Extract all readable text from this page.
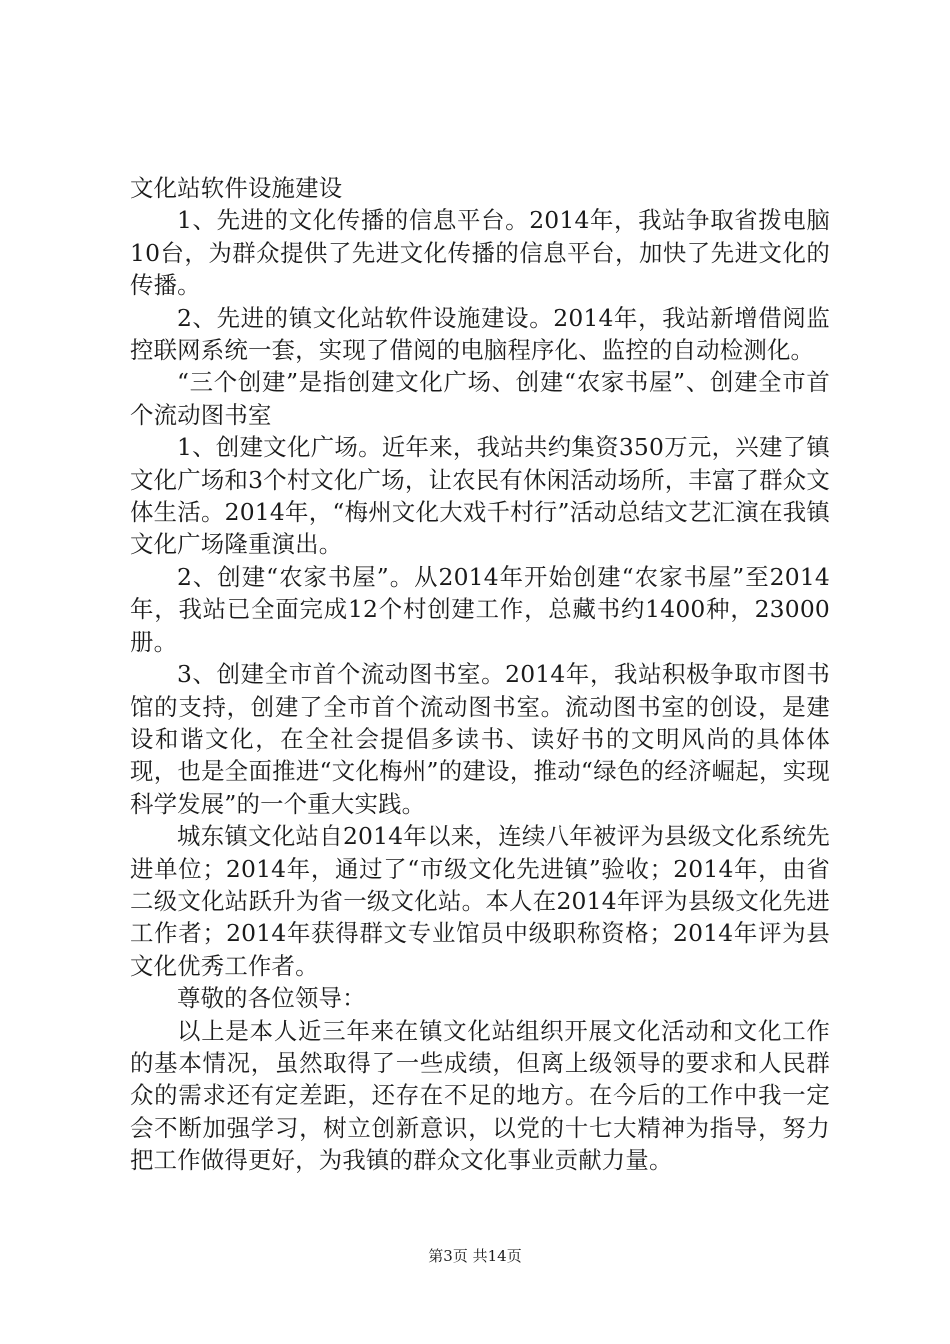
文化站软件设施建设

1、先进的文化传播的信息平台。2014年，我站争取省拨电脑10台，为群众提供了先进文化传播的信息平台，加快了先进文化的传播。

2、先进的镇文化站软件设施建设。2014年，我站新增借阅监控联网系统一套，实现了借阅的电脑程序化、监控的自动检测化。

“三个创建”是指创建文化广场、创建“农家书屋”、创建全市首个流动图书室

1、创建文化广场。近年来，我站共约集资350万元，兴建了镇文化广场和3个村文化广场，让农民有休闲活动场所，丰富了群众文体生活。2014年，“梅州文化大戏千村行”活动总结文艺汇演在我镇文化广场隆重演出。

2、创建“农家书屋”。从2014年开始创建“农家书屋”至2014年，我站已全面完成12个村创建工作，总藏书约1400种，23000册。

3、创建全市首个流动图书室。2014年，我站积极争取市图书馆的支持，创建了全市首个流动图书室。流动图书室的创设，是建设和谐文化，在全社会提倡多读书、读好书的文明风尚的具体体现，也是全面推进“文化梅州”的建设，推动“绿色的经济崛起，实现科学发展”的一个重大实践。

城东镇文化站自2014年以来，连续八年被评为县级文化系统先进单位；2014年，通过了“市级文化先进镇”验收；2014年，由省二级文化站跃升为省一级文化站。本人在2014年评为县级文化先进工作者；2014年获得群文专业馆员中级职称资格；2014年评为县文化优秀工作者。

尊敬的各位领导：

以上是本人近三年来在镇文化站组织开展文化活动和文化工作的基本情况，虽然取得了一些成绩，但离上级领导的要求和人民群众的需求还有定差距，还存在不足的地方。在今后的工作中我一定会不断加强学习，树立创新意识，以党的十七大精神为指导，努力把工作做得更好，为我镇的群众文化事业贡献力量。

第3页 共14页
